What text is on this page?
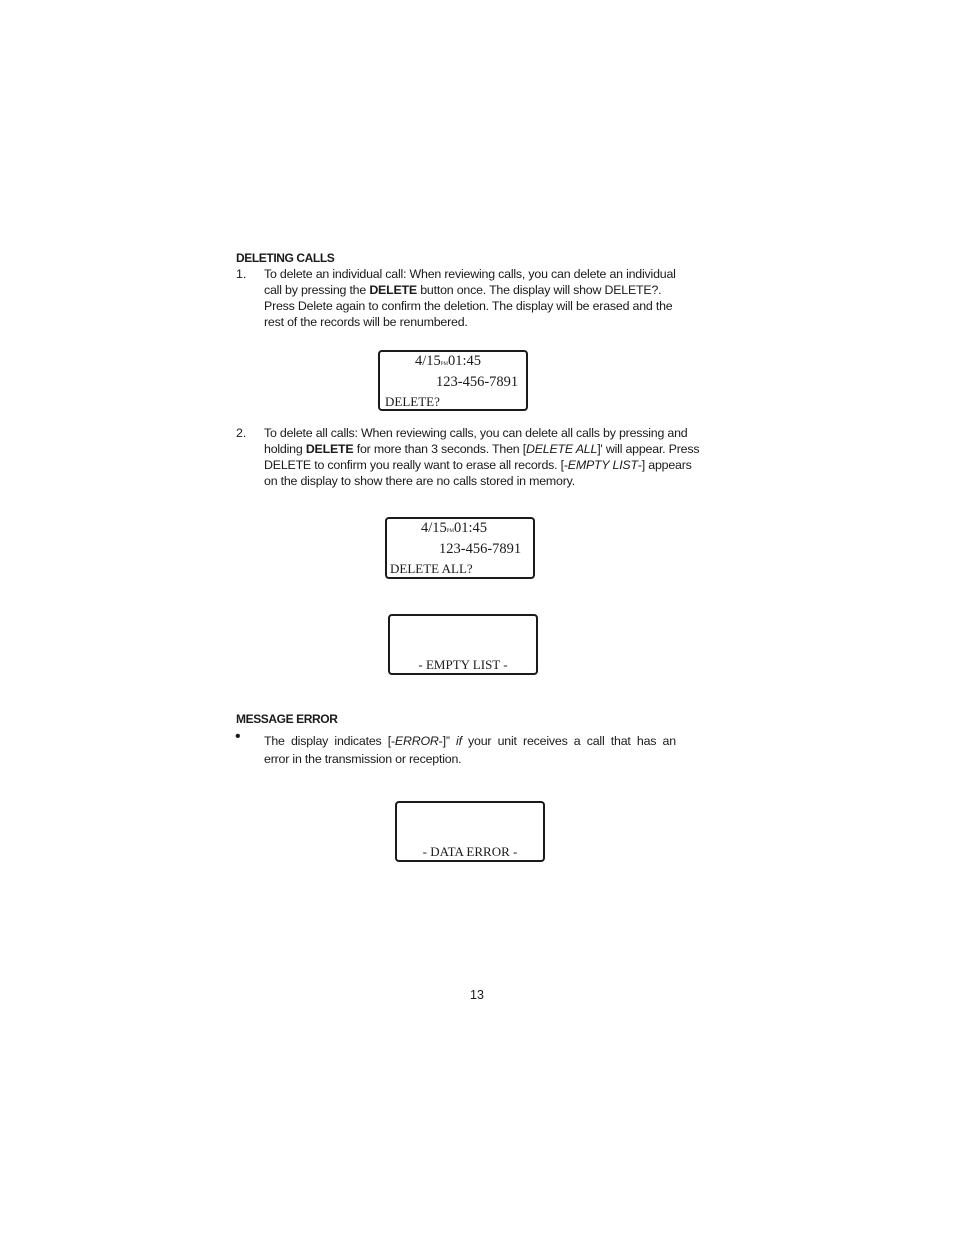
DELETING CALLS
1. To delete an individual call: When reviewing calls, you can delete an individual
call by pressing the DELETE button once. The display will show DELETE?.
Press Delete again to confirm the deletion. The display will be erased and the
rest of the records will be renumbered.
4/15PM01:45
123-456-7891
DELETE?
2. To delete all calls: When reviewing calls, you can delete all calls by pressing and
holding DELETE for more than 3 seconds. Then [DELETE ALL]' will appear. Press
DELETE to confirm you really want to erase all records. [-EMPTY LIST-] appears
on the display to show there are no calls stored in memory.
4/15PM01:45
123-456-7891
DELETE ALL?
- EMPTY LIST -
MESSAGE ERROR
• The display indicates [-ERROR-]” if your unit receives a call that has an
error in the transmission or reception.
- DATA ERROR -
13
